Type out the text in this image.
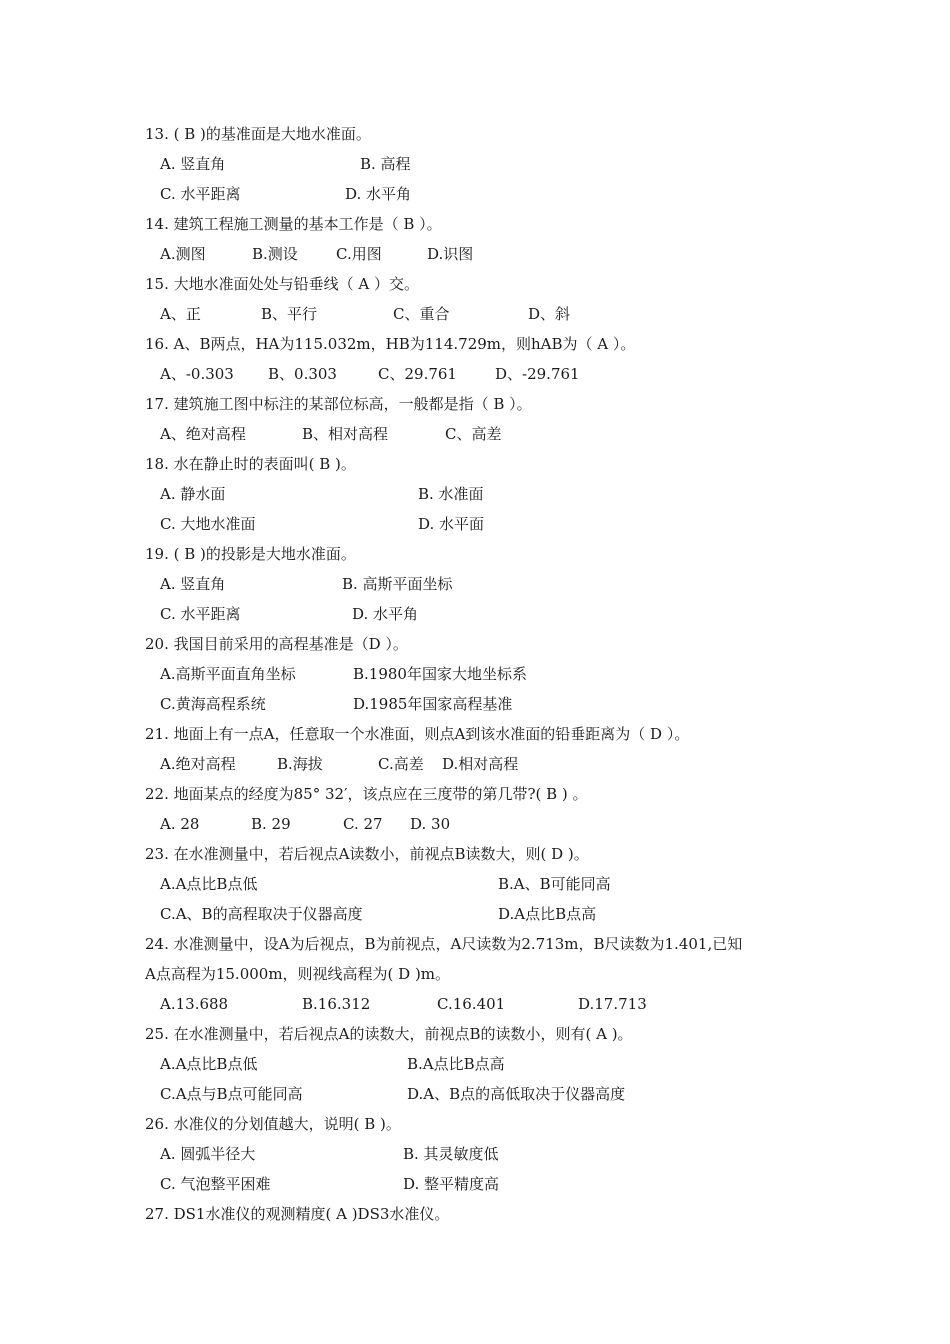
13. ( B )的基准面是大地水准面。
A. 竖直角	B. 高程
C. 水平距离	D. 水平角
14. 建筑工程施工测量的基本工作是（ B ）。
A.测图	B.测设	C.用图	D.识图
15. 大地水准面处处与铅垂线（ A ）交。
A、正	B、平行	C、重合	D、斜
16. A、B两点，HA为115.032m，HB为114.729m，则hAB为（ A ）。
A、-0.303 B、0.303	C、29.761	D、-29.761
17. 建筑施工图中标注的某部位标高，一般都是指（ B ）。
A、绝对高程	B、相对高程	C、高差
18. 水在静止时的表面叫( B )。
A. 静水面	B. 水准面
C. 大地水准面	D. 水平面
19. ( B )的投影是大地水准面。
A. 竖直角	B. 高斯平面坐标
C. 水平距离	D. 水平角
20. 我国目前采用的高程基准是（D ）。
A.高斯平面直角坐标	B.1980年国家大地坐标系
C.黄海高程系统	D.1985年国家高程基准
21. 地面上有一点A，任意取一个水准面，则点A到该水准面的铅垂距离为（ D ）。
A.绝对高程	B.海拔	C.高差 D.相对高程
22. 地面某点的经度为85° 32′，该点应在三度带的第几带?( B ) 。
A. 28	B. 29	C. 27 D. 30
23. 在水准测量中，若后视点A读数小，前视点B读数大，则( D )。
A.A点比B点低	B.A、B可能同高
C.A、B的高程取决于仪器高度	D.A点比B点高
24. 水准测量中，设A为后视点，B为前视点，A尺读数为2.713m，B尺读数为1.401,已知
A点高程为15.000m，则视线高程为( D )m。
A.13.688	B.16.312	C.16.401	D.17.713
25. 在水准测量中，若后视点A的读数大，前视点B的读数小，则有( A )。
A.A点比B点低	B.A点比B点高
C.A点与B点可能同高	D.A、B点的高低取决于仪器高度
26. 水准仪的分划值越大，说明( B )。
A. 圆弧半径大	B. 其灵敏度低
C. 气泡整平困难	D. 整平精度高
27. DS1水准仪的观测精度( A )DS3水准仪。
